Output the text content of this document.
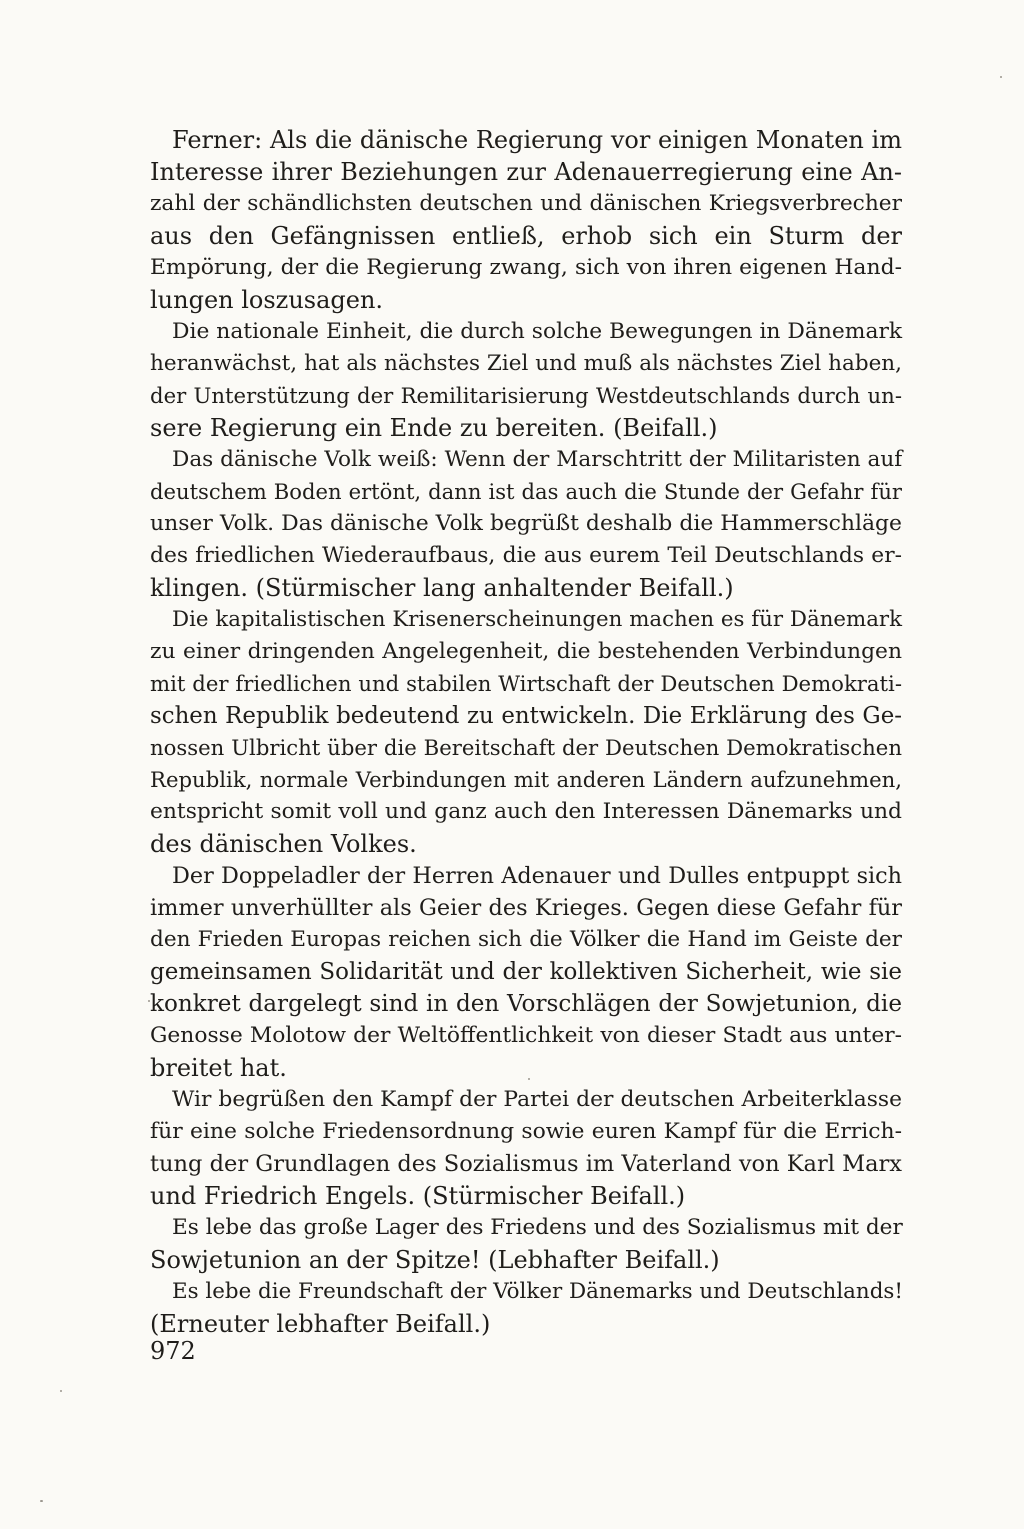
Ferner: Als die dänische Regierung vor einigen Monaten im
Interesse ihrer Beziehungen zur Adenauerregierung eine An-
zahl der schändlichsten deutschen und dänischen Kriegsverbrecher
aus den Gefängnissen entließ, erhob sich ein Sturm der
Empörung, der die Regierung zwang, sich von ihren eigenen Hand-
lungen loszusagen.
Die nationale Einheit, die durch solche Bewegungen in Dänemark
heranwächst, hat als nächstes Ziel und muß als nächstes Ziel haben,
der Unterstützung der Remilitarisierung Westdeutschlands durch un-
sere Regierung ein Ende zu bereiten. (Beifall.)
Das dänische Volk weiß: Wenn der Marschtritt der Militaristen auf
deutschem Boden ertönt, dann ist das auch die Stunde der Gefahr für
unser Volk. Das dänische Volk begrüßt deshalb die Hammerschläge
des friedlichen Wiederaufbaus, die aus eurem Teil Deutschlands er-
klingen. (Stürmischer lang anhaltender Beifall.)
Die kapitalistischen Krisenerscheinungen machen es für Dänemark
zu einer dringenden Angelegenheit, die bestehenden Verbindungen
mit der friedlichen und stabilen Wirtschaft der Deutschen Demokrati-
schen Republik bedeutend zu entwickeln. Die Erklärung des Ge-
nossen Ulbricht über die Bereitschaft der Deutschen Demokratischen
Republik, normale Verbindungen mit anderen Ländern aufzunehmen,
entspricht somit voll und ganz auch den Interessen Dänemarks und
des dänischen Volkes.
Der Doppeladler der Herren Adenauer und Dulles entpuppt sich
immer unverhüllter als Geier des Krieges. Gegen diese Gefahr für
den Frieden Europas reichen sich die Völker die Hand im Geiste der
gemeinsamen Solidarität und der kollektiven Sicherheit, wie sie
konkret dargelegt sind in den Vorschlägen der Sowjetunion, die
Genosse Molotow der Weltöffentlichkeit von dieser Stadt aus unter-
breitet hat.
Wir begrüßen den Kampf der Partei der deutschen Arbeiterklasse
für eine solche Friedensordnung sowie euren Kampf für die Errich-
tung der Grundlagen des Sozialismus im Vaterland von Karl Marx
und Friedrich Engels. (Stürmischer Beifall.)
Es lebe das große Lager des Friedens und des Sozialismus mit der
Sowjetunion an der Spitze! (Lebhafter Beifall.)
Es lebe die Freundschaft der Völker Dänemarks und Deutschlands!
(Erneuter lebhafter Beifall.)
972
